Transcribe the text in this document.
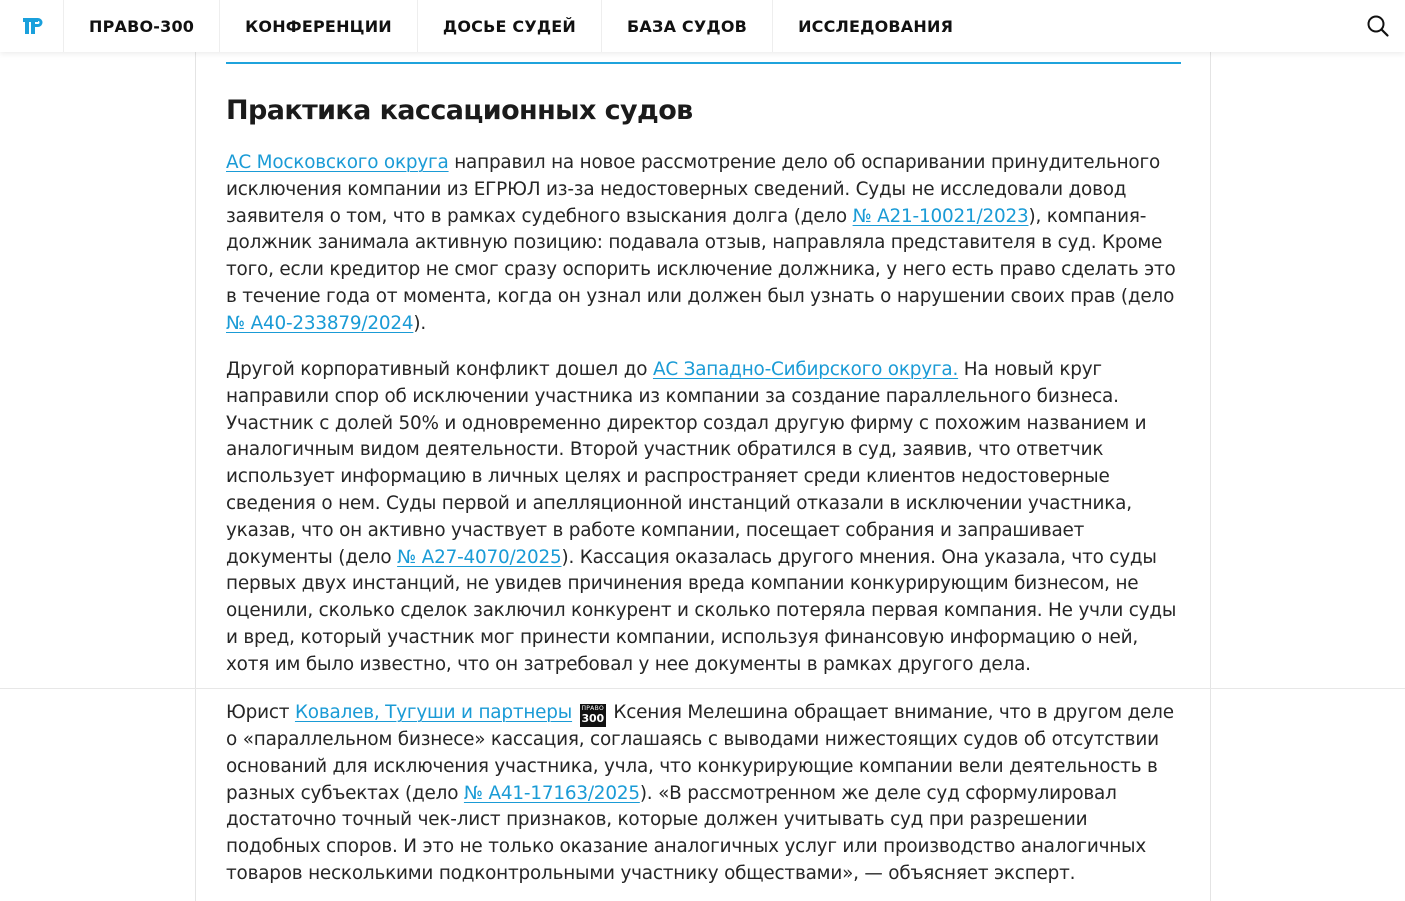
ПРАВО-300	КОНФЕРЕНЦИИ	ДОСЬЕ СУДЕЙ	БАЗА СУДОВ	ИССЛЕДОВАНИЯ
Практика кассационных судов

АС Московского округа направил на новое рассмотрение дело об оспаривании принудительного
исключения компании из ЕГРЮЛ из-за недостоверных сведений. Суды не исследовали довод
заявителя о том, что в рамках судебного взыскания долга (дело № А21-10021/2023), компания-
должник занимала активную позицию: подавала отзыв, направляла представителя в суд. Кроме
того, если кредитор не смог сразу оспорить исключение должника, у него есть право сделать это
в течение года от момента, когда он узнал или должен был узнать о нарушении своих прав (дело
№ А40-233879/2024).

Другой корпоративный конфликт дошел до АС Западно-Сибирского округа. На новый круг
направили спор об исключении участника из компании за создание параллельного бизнеса.
Участник с долей 50% и одновременно директор создал другую фирму с похожим названием и
аналогичным видом деятельности. Второй участник обратился в суд, заявив, что ответчик
использует информацию в личных целях и распространяет среди клиентов недостоверные
сведения о нем. Суды первой и апелляционной инстанций отказали в исключении участника,
указав, что он активно участвует в работе компании, посещает собрания и запрашивает
документы (дело № А27-4070/2025). Кассация оказалась другого мнения. Она указала, что суды
первых двух инстанций, не увидев причинения вреда компании конкурирующим бизнесом, не
оценили, сколько сделок заключил конкурент и сколько потеряла первая компания. Не учли суды
и вред, который участник мог принести компании, используя финансовую информацию о ней,
хотя им было известно, что он затребовал у нее документы в рамках другого дела.

Юрист Ковалев, Тугуши и партнеры ПРАВО
300 Ксения Мелешина обращает внимание, что в другом деле
о «параллельном бизнесе» кассация, соглашаясь с выводами нижестоящих судов об отсутствии
оснований для исключения участника, учла, что конкурирующие компании вели деятельность в
разных субъектах (дело № А41-17163/2025). «В рассмотренном же деле суд сформулировал
достаточно точный чек-лист признаков, которые должен учитывать суд при разрешении
подобных споров. И это не только оказание аналогичных услуг или производство аналогичных
товаров несколькими подконтрольными участнику обществами», — объясняет эксперт.
